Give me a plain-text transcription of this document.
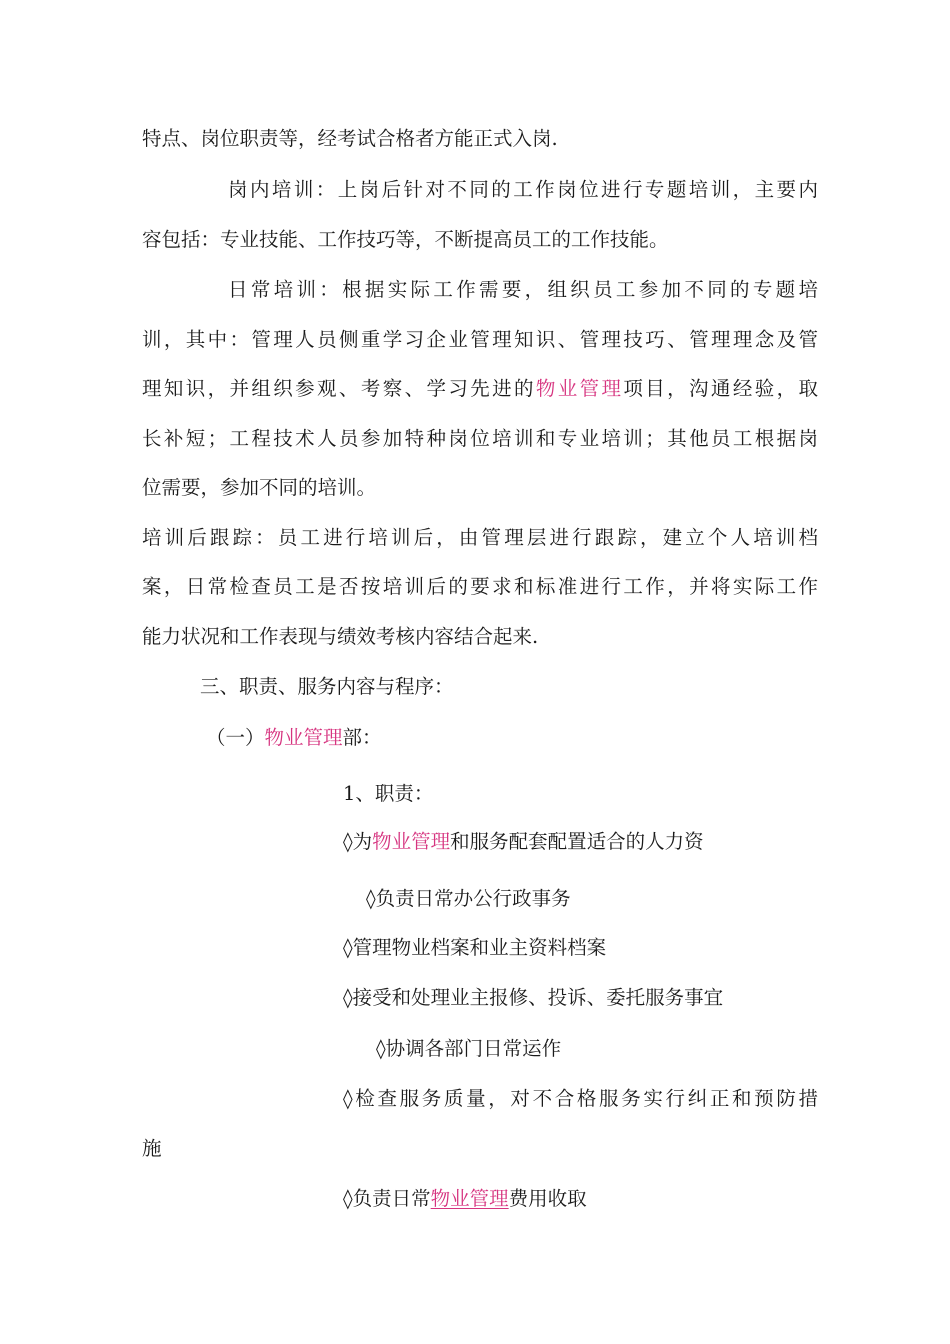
特点、岗位职责等，经考试合格者方能正式入岗.
岗内培训：上岗后针对不同的工作岗位进行专题培训，主要内
容包括：专业技能、工作技巧等，不断提高员工的工作技能。
日常培训：根据实际工作需要，组织员工参加不同的专题培
训，其中：管理人员侧重学习企业管理知识、管理技巧、管理理念及管
理知识，并组织参观、考察、学习先进的物业管理项目，沟通经验，取
长补短；工程技术人员参加特种岗位培训和专业培训；其他员工根据岗
位需要，参加不同的培训。
培训后跟踪：员工进行培训后，由管理层进行跟踪，建立个人培训档
案，日常检查员工是否按培训后的要求和标准进行工作，并将实际工作
能力状况和工作表现与绩效考核内容结合起来.
三、职责、服务内容与程序：
（一）物业管理部：
1、职责：
◊为物业管理和服务配套配置适合的人力资
◊负责日常办公行政事务
◊管理物业档案和业主资料档案
◊接受和处理业主报修、投诉、委托服务事宜
◊协调各部门日常运作
◊检查服务质量，对不合格服务实行纠正和预防措
施
◊负责日常物业管理费用收取
